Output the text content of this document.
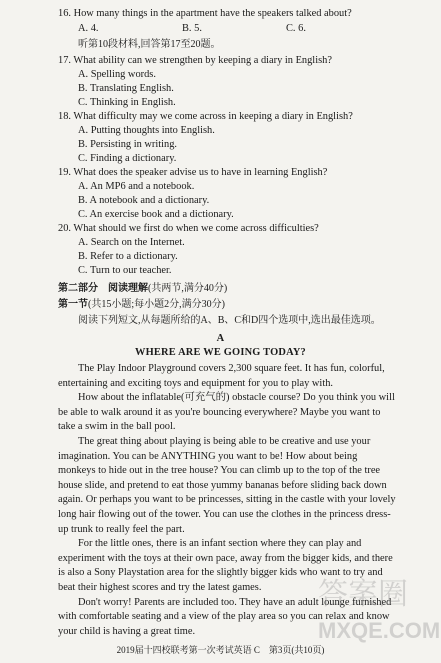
16. How many things in the apartment have the speakers talked about?
A. 4.	B. 5.	C. 6.
听第10段材料,回答第17至20题。
17. What ability can we strengthen by keeping a diary in English?
A. Spelling words.
B. Translating English.
C. Thinking in English.
18. What difficulty may we come across in keeping a diary in English?
A. Putting thoughts into English.
B. Persisting in writing.
C. Finding a dictionary.
19. What does the speaker advise us to have in learning English?
A. An MP6 and a notebook.
B. A notebook and a dictionary.
C. An exercise book and a dictionary.
20. What should we first do when we come across difficulties?
A. Search on the Internet.
B. Refer to a dictionary.
C. Turn to our teacher.
第二部分　阅读理解(共两节,满分40分)
第一节(共15小题;每小题2分,满分30分)
阅读下列短文,从每题所给的A、B、C和D四个选项中,选出最佳选项。
A
WHERE ARE WE GOING TODAY?
The Play Indoor Playground covers 2,300 square feet. It has fun, colorful,
entertaining and exciting toys and equipment for you to play with.
How about the inflatable(可充气的) obstacle course? Do you think you will
be able to walk around it as you're bouncing everywhere? Maybe you want to
take a swim in the ball pool.
The great thing about playing is being able to be creative and use your
imagination. You can be ANYTHING you want to be! How about being
monkeys to hide out in the tree house? You can climb up to the top of the tree
house slide, and pretend to eat those yummy bananas before sliding back down
again. Or perhaps you want to be princesses, sitting in the castle with your lovely
long hair flowing out of the tower. You can use the clothes in the princess dress-
up trunk to really feel the part.
For the little ones, there is an infant section where they can play and
experiment with the toys at their own pace, away from the bigger kids, and there
is also a Sony Playstation area for the slightly bigger kids who want to try and
beat their highest scores and try the latest games.
Don't worry! Parents are included too. They have an adult lounge furnished
with comfortable seating and a view of the play area so you can relax and know
your child is having a great time.
2019届十四校联考第一次考试英语 C　第3页(共10页)
答案圈
MXQE.COM
